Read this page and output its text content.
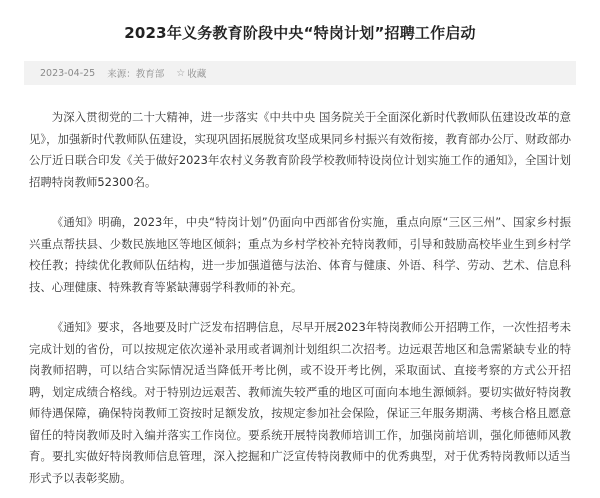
2023年义务教育阶段中央“特岗计划”招聘工作启动
2023-04-25 来源：教育部 ☆ 收藏

为深入贯彻党的二十大精神，进一步落实《中共中央 国务院关于全面深化新时代教师队伍建设改革的意见》，加强新时代教师队伍建设，实现巩固拓展脱贫攻坚成果同乡村振兴有效衔接，教育部办公厅、财政部办公厅近日联合印发《关于做好2023年农村义务教育阶段学校教师特设岗位计划实施工作的通知》，全国计划招聘特岗教师52300名。

《通知》明确，2023年，中央“特岗计划”仍面向中西部省份实施，重点向原“三区三州”、国家乡村振兴重点帮扶县、少数民族地区等地区倾斜；重点为乡村学校补充特岗教师，引导和鼓励高校毕业生到乡村学校任教；持续优化教师队伍结构，进一步加强道德与法治、体育与健康、外语、科学、劳动、艺术、信息科技、心理健康、特殊教育等紧缺薄弱学科教师的补充。

《通知》要求，各地要及时广泛发布招聘信息，尽早开展2023年特岗教师公开招聘工作，一次性招考未完成计划的省份，可以按规定依次递补录用或者调剂计划组织二次招考。边远艰苦地区和急需紧缺专业的特岗教师招聘，可以结合实际情况适当降低开考比例，或不设开考比例，采取面试、直接考察的方式公开招聘，划定成绩合格线。对于特别边远艰苦、教师流失较严重的地区可面向本地生源倾斜。要切实做好特岗教师待遇保障，确保特岗教师工资按时足额发放，按规定参加社会保险，保证三年服务期满、考核合格且愿意留任的特岗教师及时入编并落实工作岗位。要系统开展特岗教师培训工作，加强岗前培训，强化师德师风教育。要扎实做好特岗教师信息管理，深入挖掘和广泛宣传特岗教师中的优秀典型，对于优秀特岗教师以适当形式予以表彰奖励。
